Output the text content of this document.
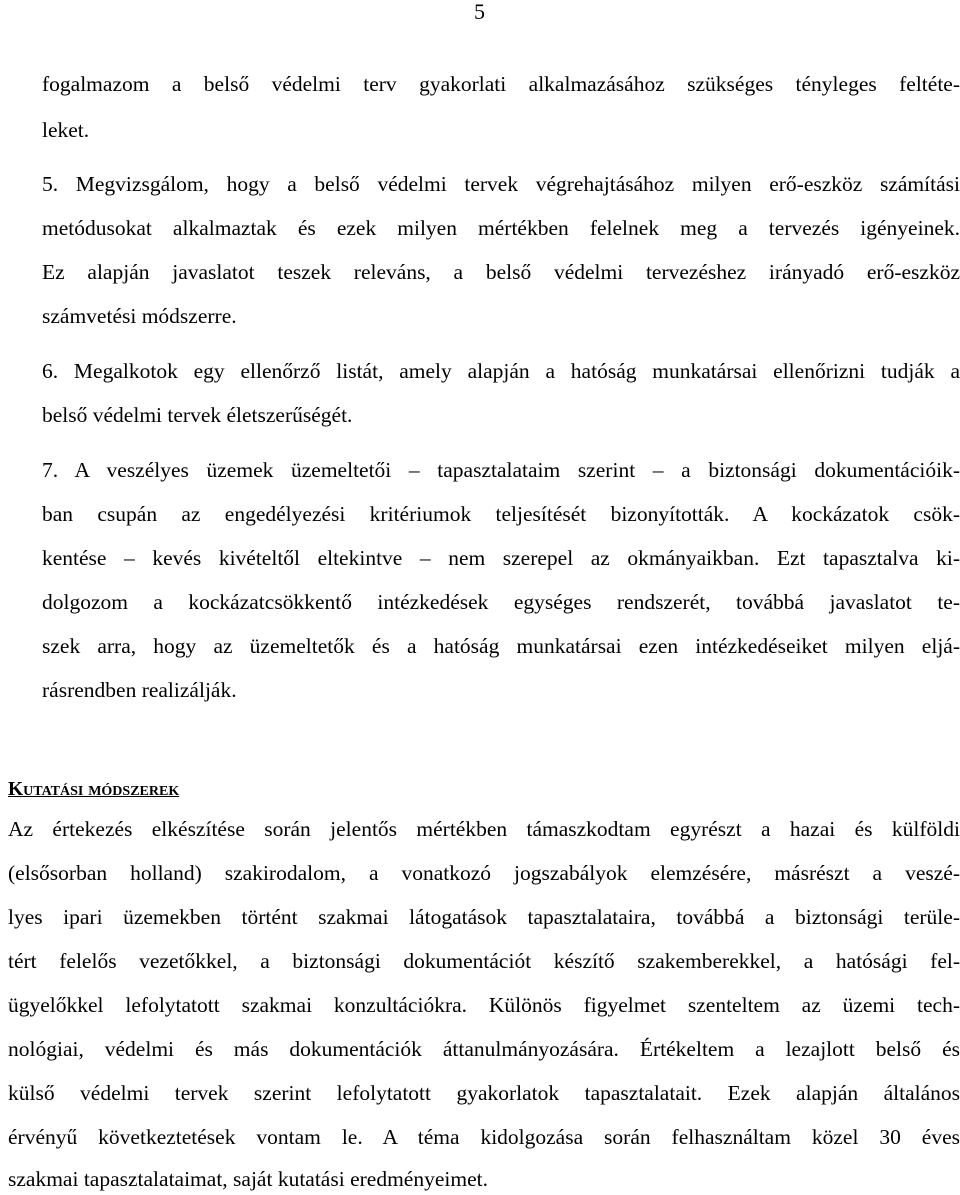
5
fogalmazom a belső védelmi terv gyakorlati alkalmazásához szükséges tényleges feltéte-
leket.
5. Megvizsgálom, hogy a belső védelmi tervek végrehajtásához milyen erő-eszköz számítási
metódusokat alkalmaztak és ezek milyen mértékben felelnek meg a tervezés igényeinek.
Ez alapján javaslatot teszek releváns, a belső védelmi tervezéshez irányadó erő-eszköz
számvetési módszerre.
6. Megalkotok egy ellenőrző listát, amely alapján a hatóság munkatársai ellenőrizni tudják a
belső védelmi tervek életszerűségét.
7. A veszélyes üzemek üzemeltetői – tapasztalataim szerint – a biztonsági dokumentációik-
ban csupán az engedélyezési kritériumok teljesítését bizonyították. A kockázatok csök-
kentése – kevés kivételtől eltekintve – nem szerepel az okmányaikban. Ezt tapasztalva ki-
dolgozom a kockázatcsökkentő intézkedések egységes rendszerét, továbbá javaslatot te-
szek arra, hogy az üzemeltetők és a hatóság munkatársai ezen intézkedéseiket milyen eljá-
rásrendben realizálják.
Kutatási módszerek
Az értekezés elkészítése során jelentős mértékben támaszkodtam egyrészt a hazai és külföldi
(elsősorban holland) szakirodalom, a vonatkozó jogszabályok elemzésére, másrészt a veszé-
lyes ipari üzemekben történt szakmai látogatások tapasztalataira, továbbá a biztonsági terüle-
tért felelős vezetőkkel, a biztonsági dokumentációt készítő szakemberekkel, a hatósági fel-
ügyelőkkel lefolytatott szakmai konzultációkra. Különös figyelmet szenteltem az üzemi tech-
nológiai, védelmi és más dokumentációk áttanulmányozására. Értékeltem a lezajlott belső és
külső védelmi tervek szerint lefolytatott gyakorlatok tapasztalatait. Ezek alapján általános
érvényű következtetések vontam le. A téma kidolgozása során felhasználtam közel 30 éves
szakmai tapasztalataimat, saját kutatási eredményeimet.
